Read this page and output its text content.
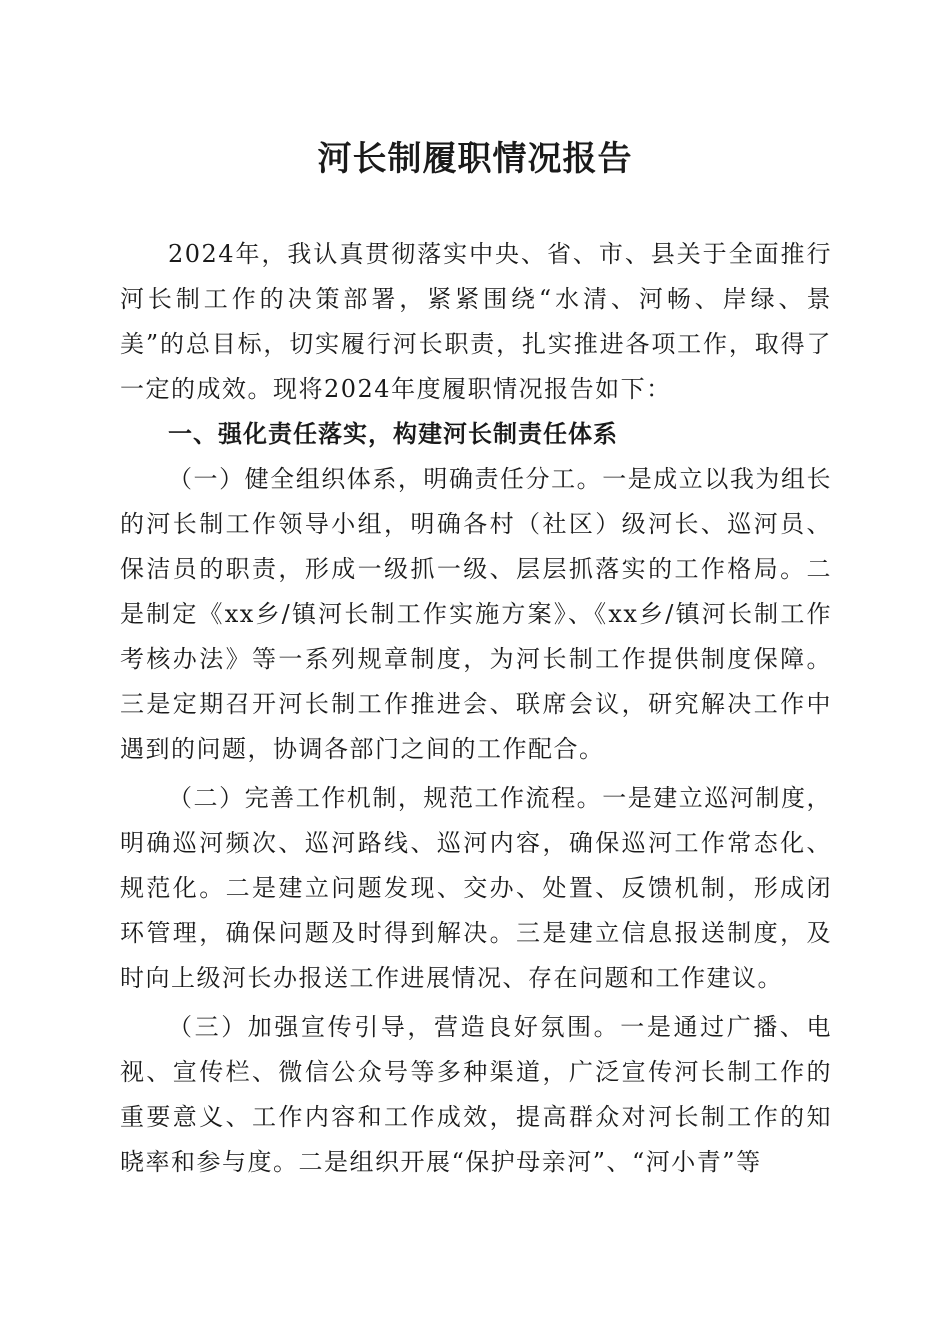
河长制履职情况报告

2024年，我认真贯彻落实中央、省、市、县关于全面推行河长制工作的决策部署，紧紧围绕“水清、河畅、岸绿、景美”的总目标，切实履行河长职责，扎实推进各项工作，取得了一定的成效。现将2024年度履职情况报告如下：

一、强化责任落实，构建河长制责任体系

（一）健全组织体系，明确责任分工。一是成立以我为组长的河长制工作领导小组，明确各村（社区）级河长、巡河员、保洁员的职责，形成一级抓一级、层层抓落实的工作格局。二是制定《xx乡/镇河长制工作实施方案》、《xx乡/镇河长制工作考核办法》等一系列规章制度，为河长制工作提供制度保障。三是定期召开河长制工作推进会、联席会议，研究解决工作中遇到的问题，协调各部门之间的工作配合。

（二）完善工作机制，规范工作流程。一是建立巡河制度，明确巡河频次、巡河路线、巡河内容，确保巡河工作常态化、规范化。二是建立问题发现、交办、处置、反馈机制，形成闭环管理，确保问题及时得到解决。三是建立信息报送制度，及时向上级河长办报送工作进展情况、存在问题和工作建议。

（三）加强宣传引导，营造良好氛围。一是通过广播、电视、宣传栏、微信公众号等多种渠道，广泛宣传河长制工作的重要意义、工作内容和工作成效，提高群众对河长制工作的知晓率和参与度。二是组织开展“保护母亲河”、“河小青”等
